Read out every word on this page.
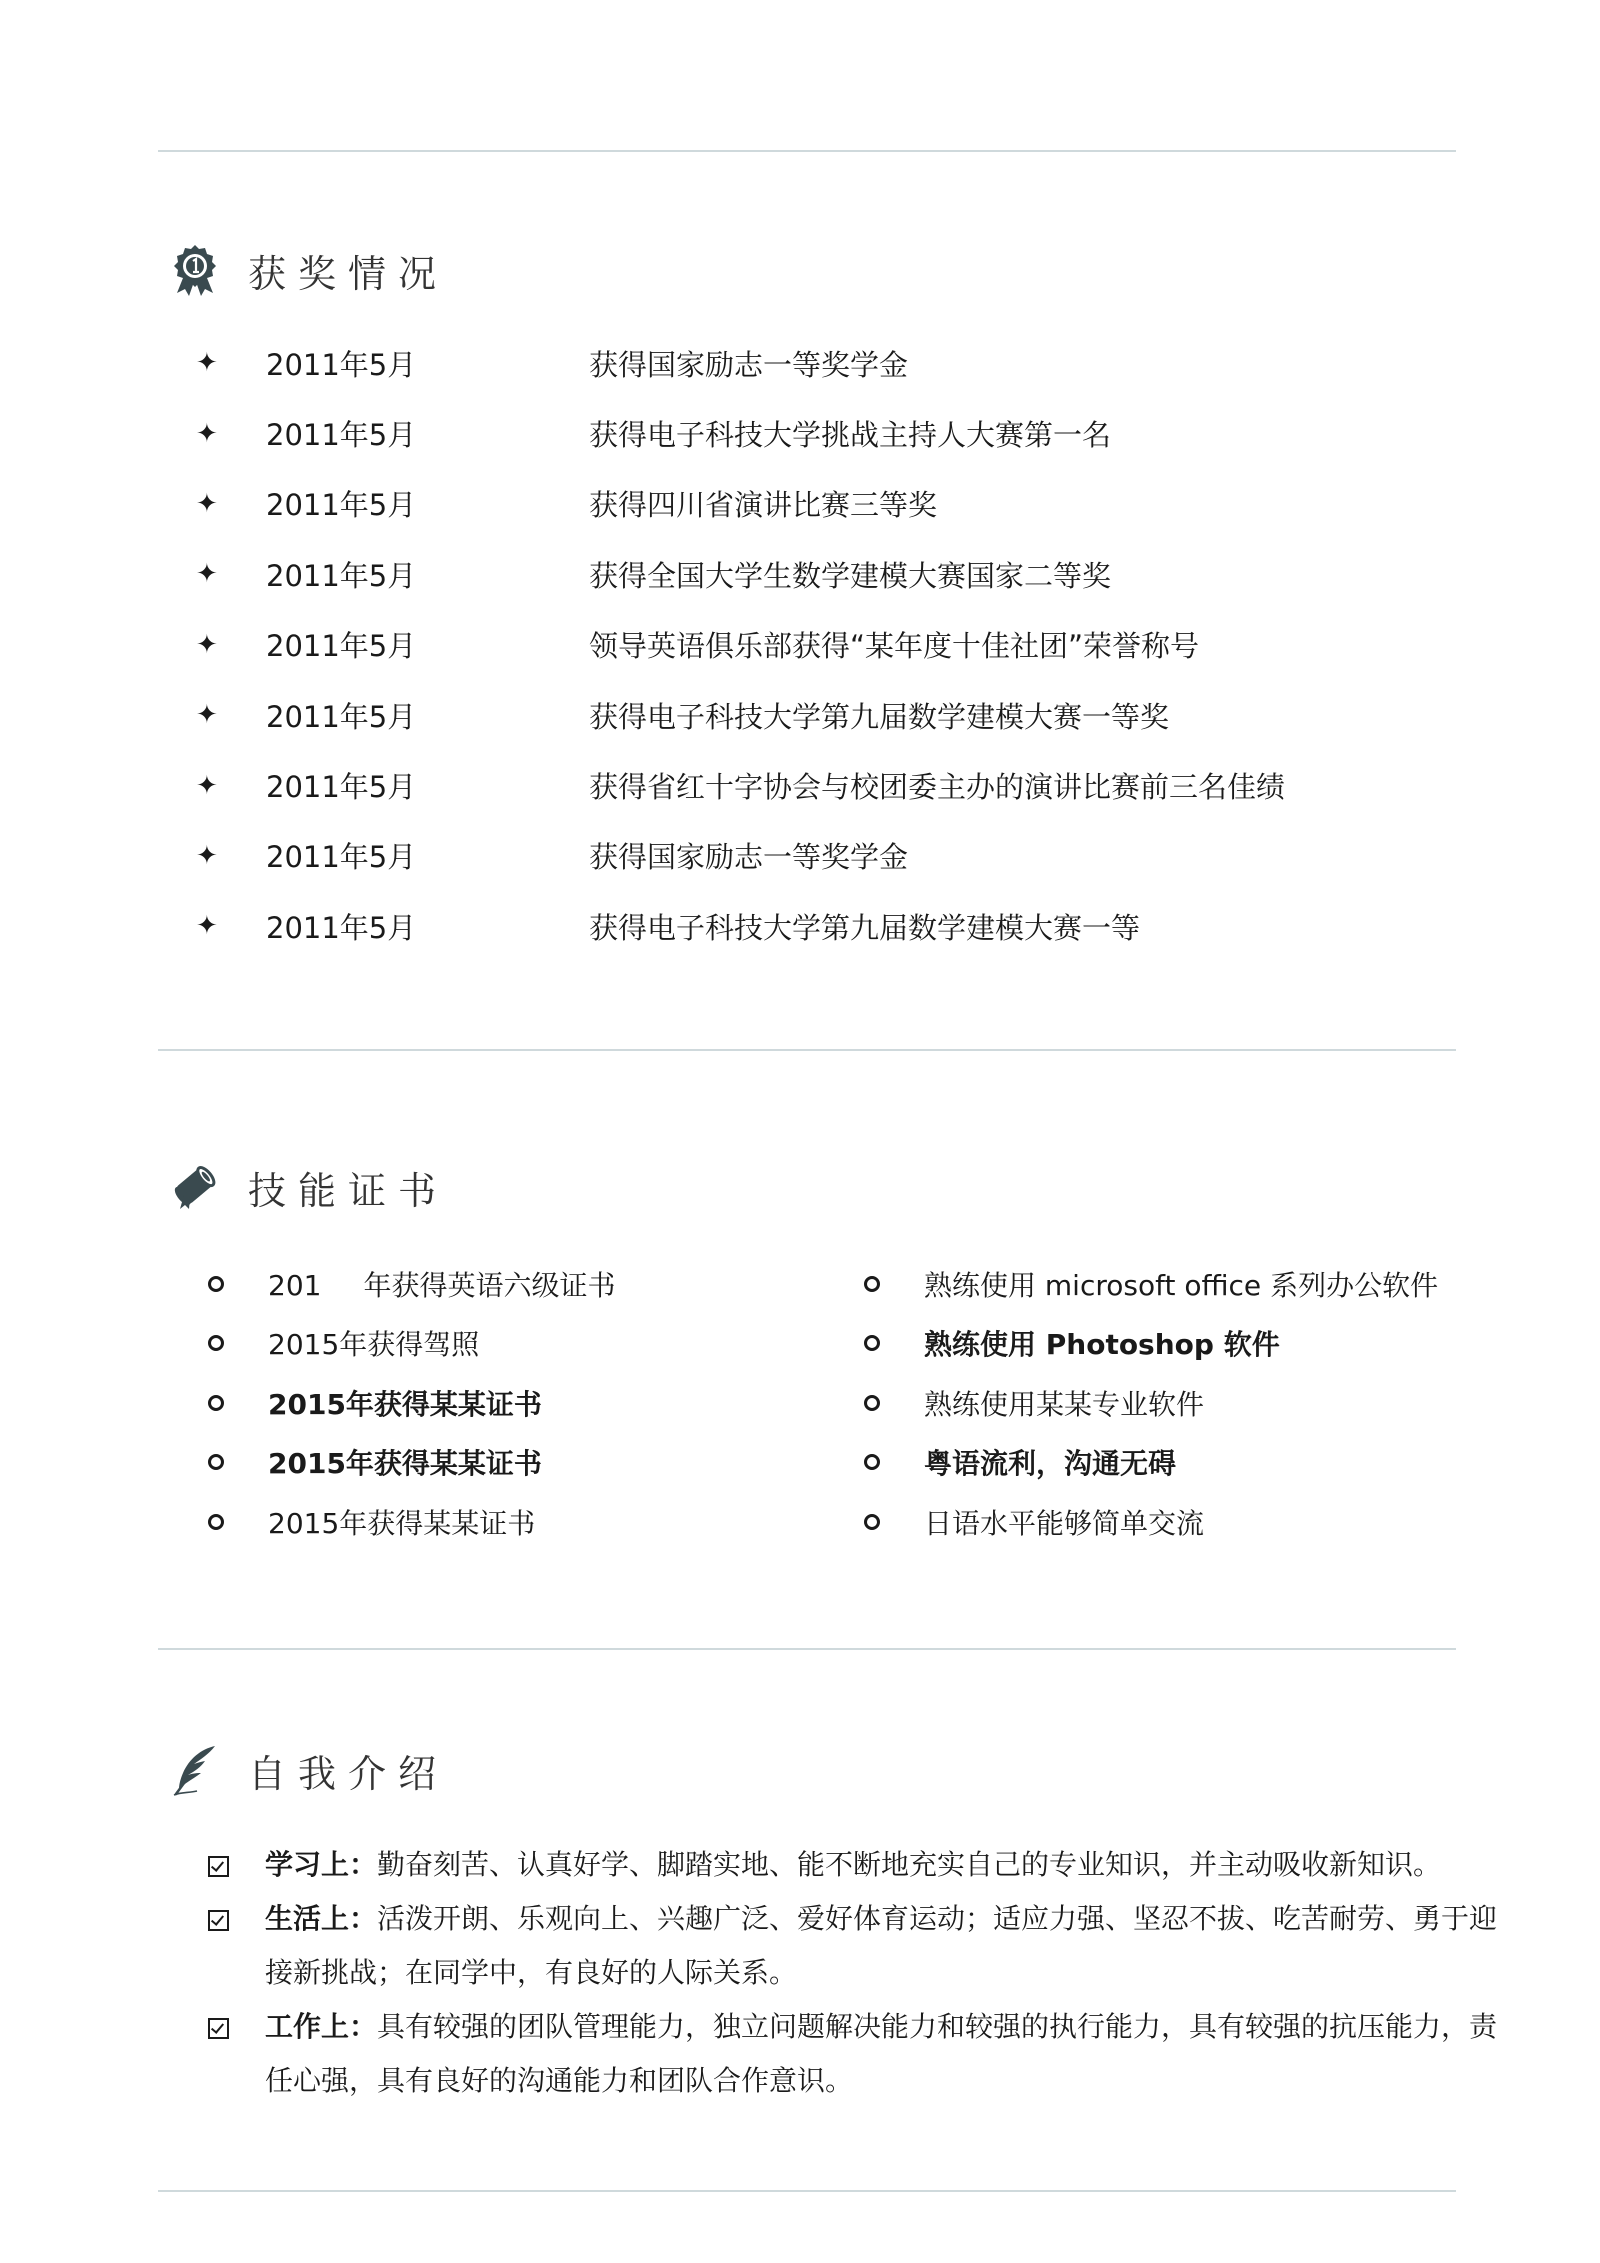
获奖情况
✦	2011年5月	获得国家励志一等奖学金
✦	2011年5月	获得电子科技大学挑战主持人大赛第一名
✦	2011年5月	获得四川省演讲比赛三等奖
✦	2011年5月	获得全国大学生数学建模大赛国家二等奖
✦	2011年5月	领导英语俱乐部获得“某年度十佳社团”荣誉称号
✦	2011年5月	获得电子科技大学第九届数学建模大赛一等奖
✦	2011年5月	获得省红十字协会与校团委主办的演讲比赛前三名佳绩
✦	2011年5月	获得国家励志一等奖学金
✦	2011年5月	获得电子科技大学第九届数学建模大赛一等
技能证书
201 年获得英语六级证书
2015年获得驾照
2015年获得某某证书
2015年获得某某证书
2015年获得某某证书
熟练使用 microsoft office 系列办公软件
熟练使用 Photoshop 软件
熟练使用某某专业软件
粤语流利，沟通无碍
日语水平能够简单交流
自我介绍
学习上：勤奋刻苦、认真好学、脚踏实地、能不断地充实自己的专业知识，并主动吸收新知识。
生活上：活泼开朗、乐观向上、兴趣广泛、爱好体育运动；适应力强、坚忍不拔、吃苦耐劳、勇于迎接新挑战；在同学中，有良好的人际关系。
工作上：具有较强的团队管理能力，独立问题解决能力和较强的执行能力，具有较强的抗压能力，责任心强，具有良好的沟通能力和团队合作意识。
